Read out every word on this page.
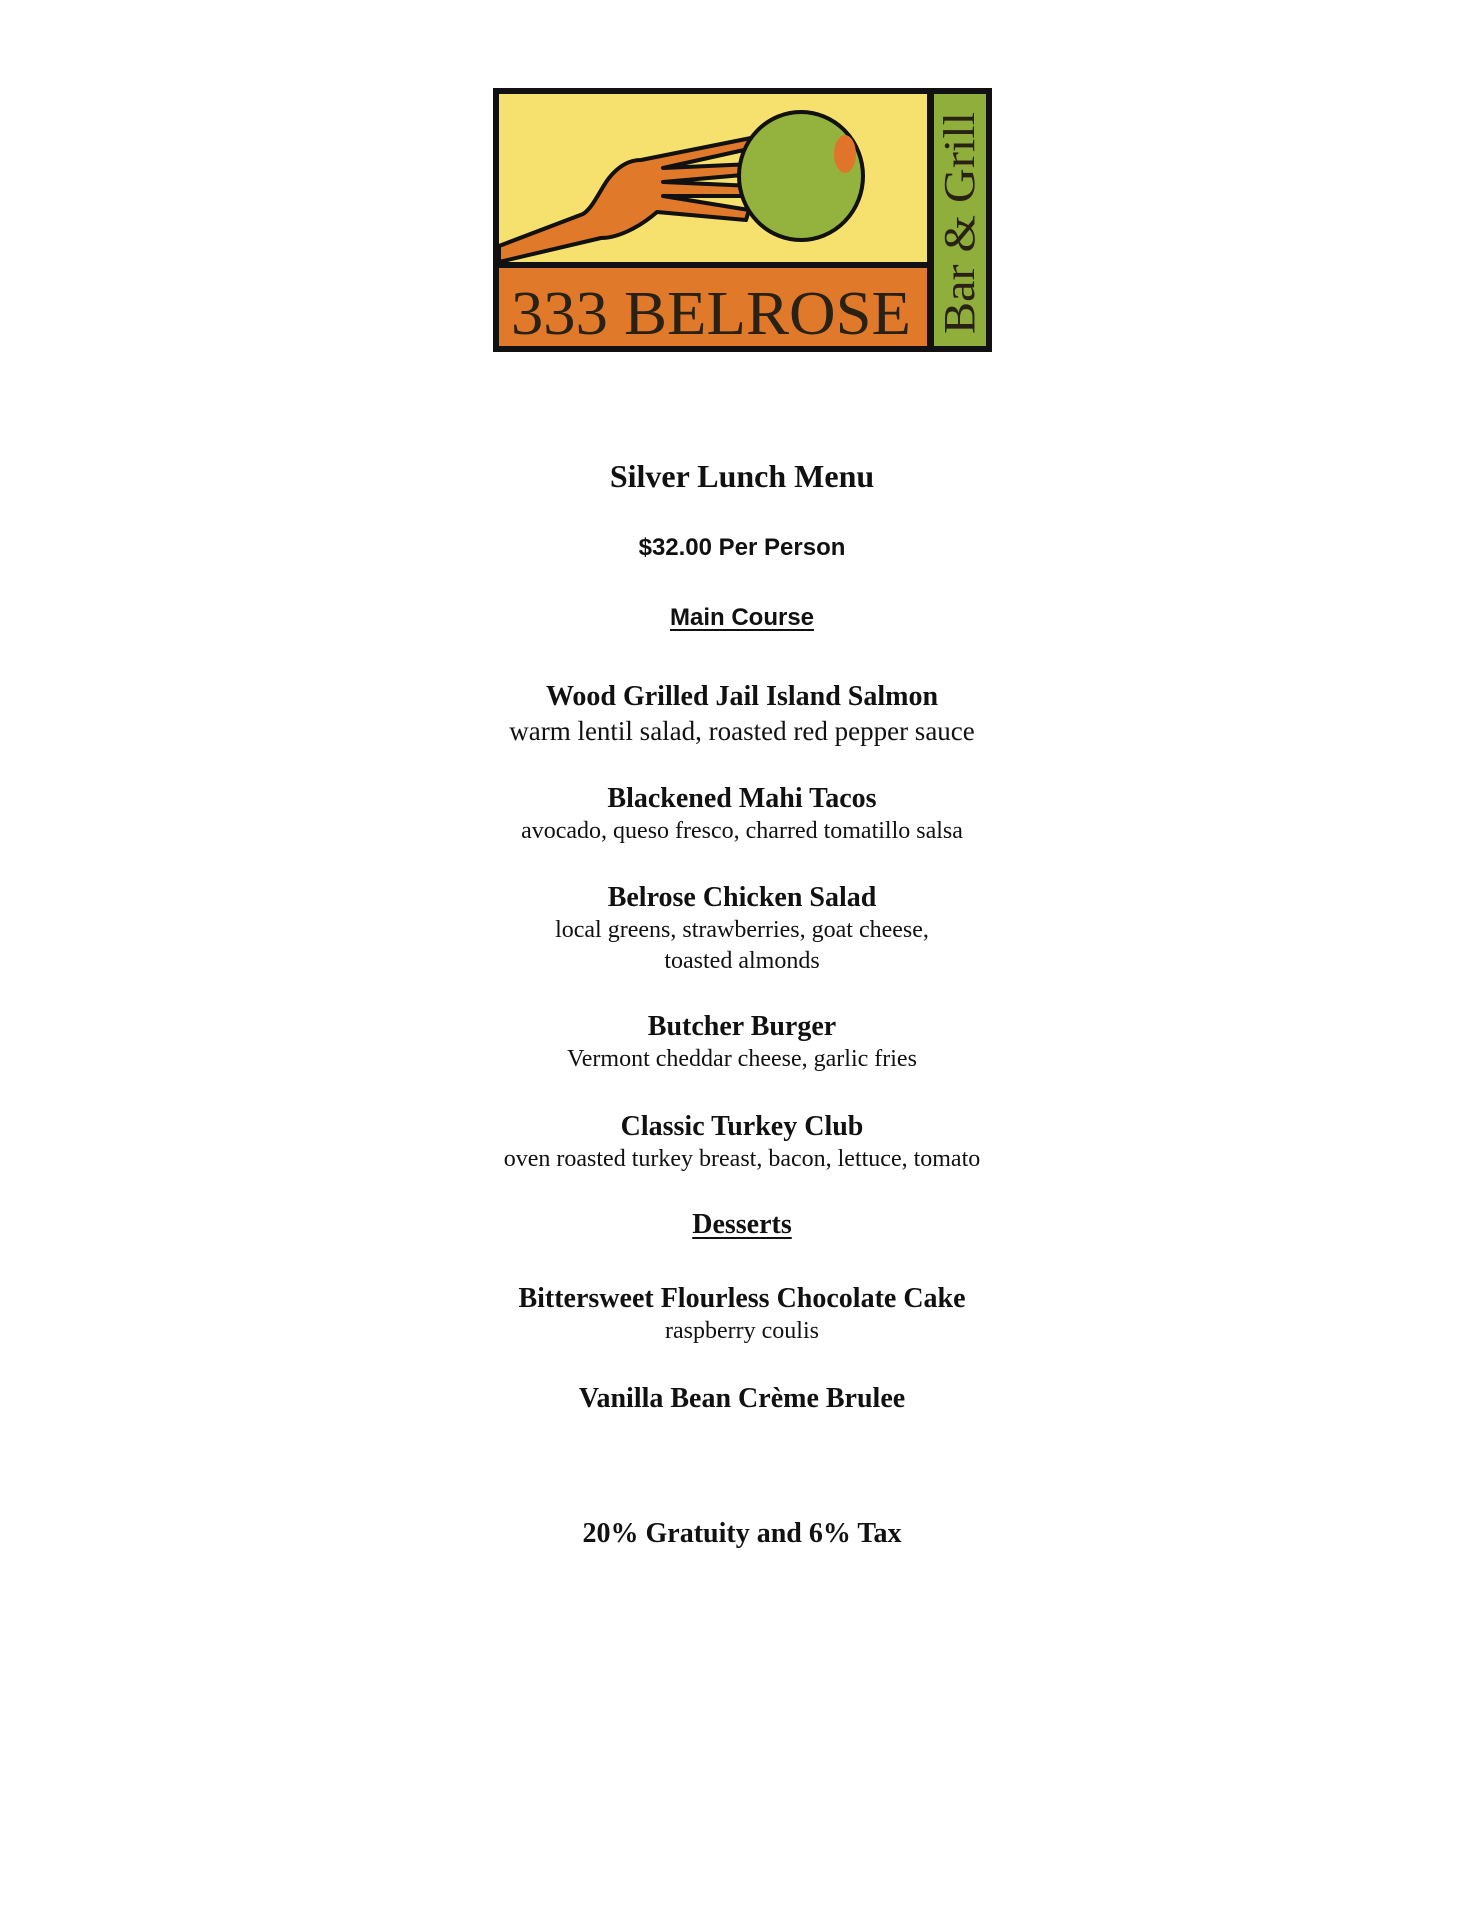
333 BELROSE Bar & Grill
Silver Lunch Menu
$32.00 Per Person
Main Course
Wood Grilled Jail Island Salmon
warm lentil salad, roasted red pepper sauce
Blackened Mahi Tacos
avocado, queso fresco, charred tomatillo salsa
Belrose Chicken Salad
local greens, strawberries, goat cheese,
toasted almonds
Butcher Burger
Vermont cheddar cheese, garlic fries
Classic Turkey Club
oven roasted turkey breast, bacon, lettuce, tomato
Desserts
Bittersweet Flourless Chocolate Cake
raspberry coulis
Vanilla Bean Crème Brulee
20% Gratuity and 6% Tax
